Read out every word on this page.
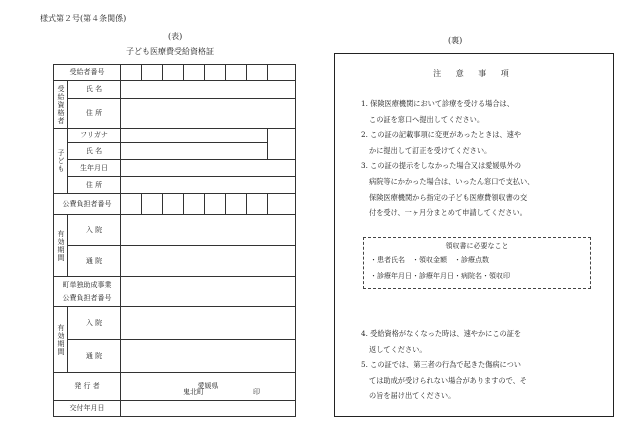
様式第２号(第４条関係)
(表)
子ども医療費受給資格証
受給者番号									
受給資格者	氏 名								
	住 所								
子ども	フリガナ								
	氏 名								
	生年月日								
	住 所								
公費負担者番号									
有効期間	入 院								
	通 院								
町単独助成事業
公費負担者番号									
有効期間	入 院								
	通 院								
発 行 者		愛媛県
鬼北町 印							

交付年月日									
(裏)
注 意 事 項
1. 保険医療機関において診療を受ける場合は、
この証を窓口へ提出してください。
2. この証の記載事項に変更があったときは、速や
かに提出して訂正を受けてください。
3. この証の提示をしなかった場合又は愛媛県外の
病院等にかかった場合は、いったん窓口で支払い、
保険医療機関から指定の子ども医療費領収書の交
付を受け、一ヶ月分まとめて申請してください。
領収書に必要なこと
・患者氏名　・領収金額　・診療点数
・診療年月日・診療年月日・病院名・領収印
4. 受給資格がなくなった時は、速やかにこの証を
返してください。
5. この証では、第三者の行為で起きた傷病につい
ては助成が受けられない場合がありますので、そ
の旨を届け出てください。
